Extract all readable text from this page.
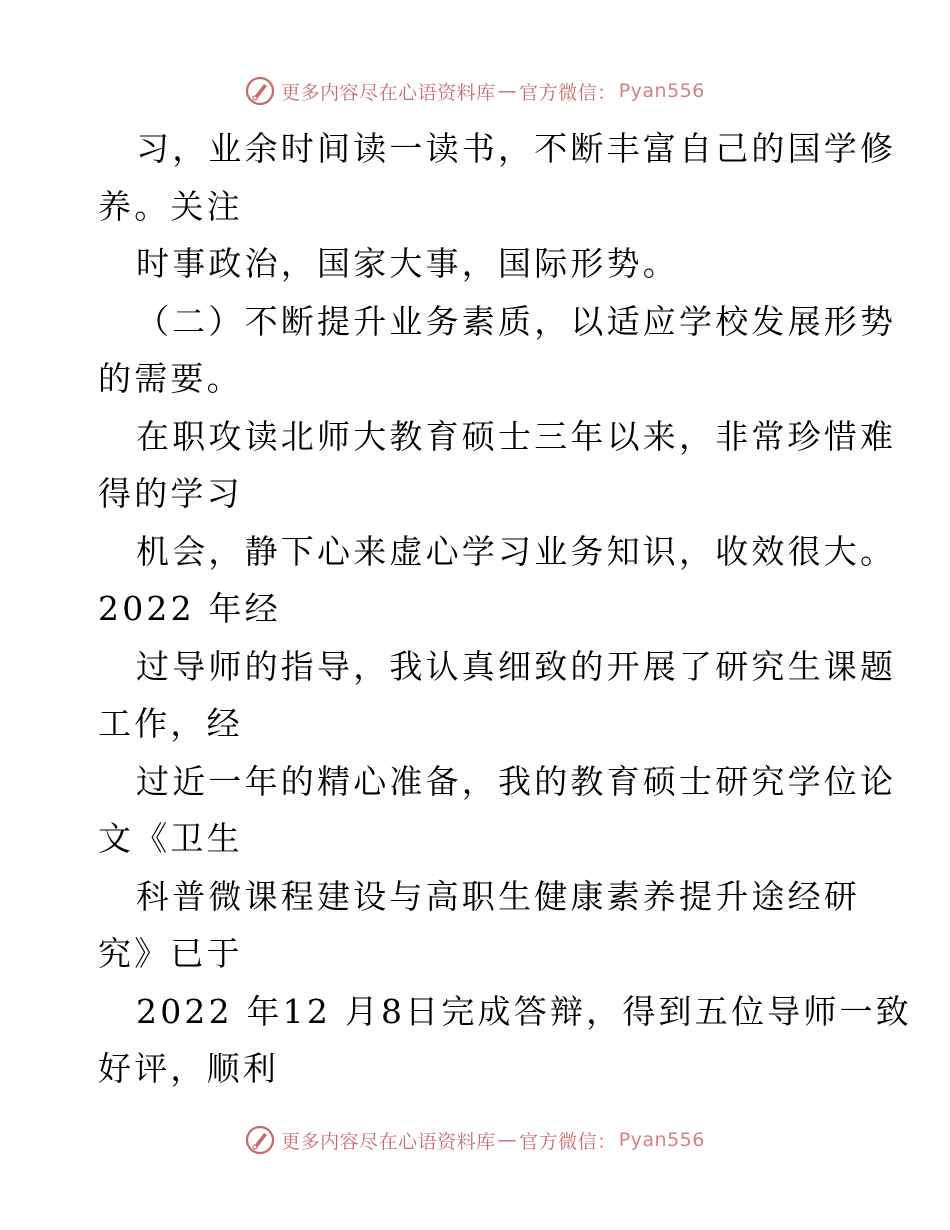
更多内容尽在心语资料库 — 官方微信： Pyan556
习，业余时间读一读书，不断丰富自己的国学修
养。关注
时事政治，国家大事，国际形势。
（二）不断提升业务素质，以适应学校发展形势
的需要。
在职攻读北师大教育硕士三年以来，非常珍惜难
得的学习
机会，静下心来虚心学习业务知识，收效很大。
2022 年经
过导师的指导，我认真细致的开展了研究生课题
工作，经
过近一年的精心准备，我的教育硕士研究学位论
文《卫生
科普微课程建设与高职生健康素养提升途经研
究》已于
2022 年12 月8日完成答辩，得到五位导师一致
好评，顺利
更多内容尽在心语资料库 — 官方微信： Pyan556
